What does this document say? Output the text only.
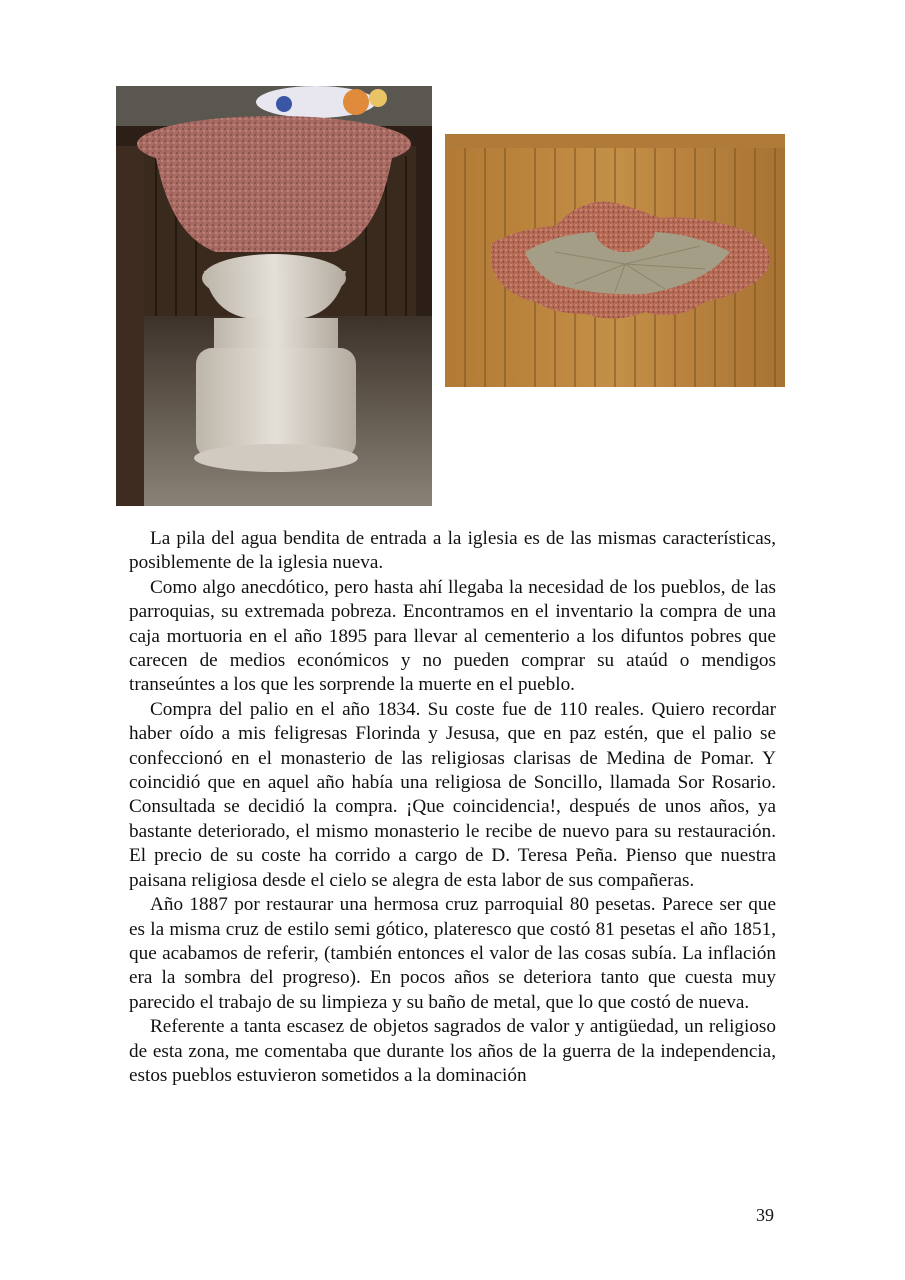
La pila del agua bendita de entrada a la iglesia es de las mismas características, posiblemente de la iglesia nueva.

Como algo anecdótico, pero hasta ahí llegaba la necesidad de los pueblos, de las parroquias, su extremada pobreza. Encontramos en el inventario la compra de una caja mortuoria en el año 1895 para llevar al cementerio a los difuntos pobres que carecen de medios económicos y no pueden comprar su ataúd o mendigos transeúntes a los que les sorprende la muerte en el pueblo.

Compra del palio en el año 1834. Su coste fue de 110 reales. Quiero recordar haber oído a mis feligresas Florinda y Jesusa, que en paz estén, que el palio se confeccionó en el monasterio de las religiosas clarisas de Medina de Pomar. Y coincidió que en aquel año había una religiosa de Soncillo, llamada Sor Rosario. Consultada se decidió la compra. ¡Que coincidencia!, después de unos años, ya bastante deteriorado, el mismo monasterio le recibe de nuevo para su restauración. El precio de su coste ha corrido a cargo de D. Teresa Peña. Pienso que nuestra paisana religiosa desde el cielo se alegra de esta labor de sus compañeras.

Año 1887 por restaurar una hermosa cruz parroquial 80 pesetas. Parece ser que es la misma cruz de estilo semi gótico, plateresco que costó 81 pesetas el año 1851, que acabamos de referir, (también entonces el valor de las cosas subía. La inflación era la sombra del progreso). En pocos años se deteriora tanto que cuesta muy parecido el trabajo de su limpieza y su baño de metal, que lo que costó de nueva.

Referente a tanta escasez de objetos sagrados de valor y antigüedad, un religioso de esta zona, me comentaba que durante los años de la guerra de la independencia, estos pueblos estuvieron sometidos a la dominación

39
